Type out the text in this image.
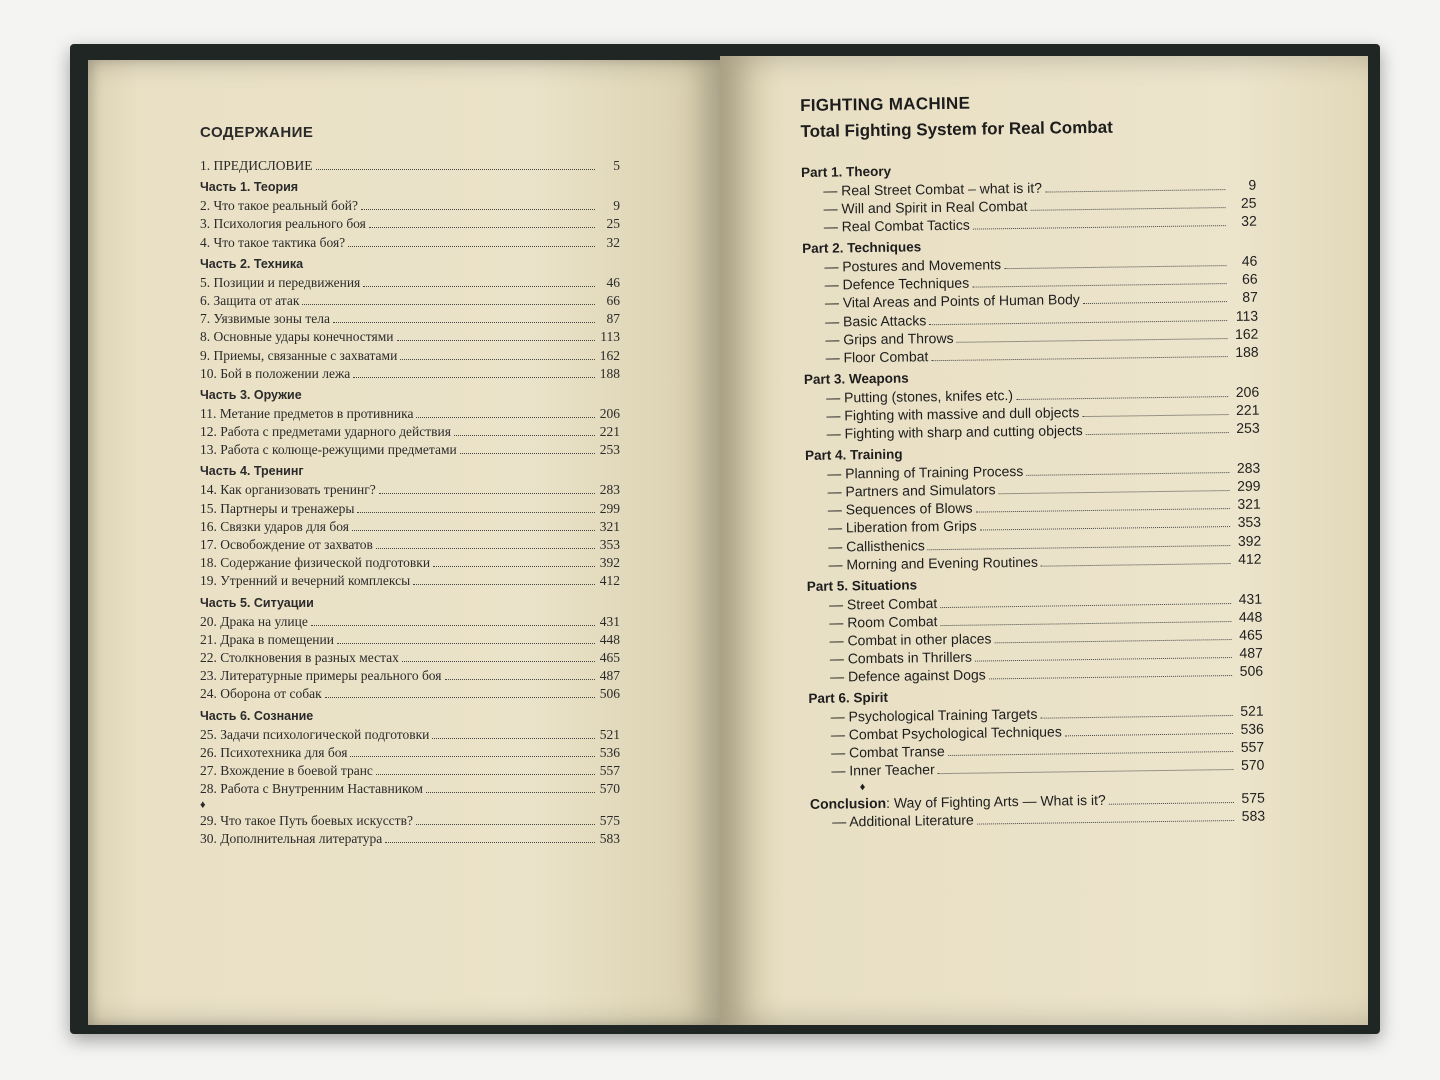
СОДЕРЖАНИЕ
1. ПРЕДИСЛОВИЕ	5
Часть 1. Теория
2. Что такое реальный бой?	9
3. Психология реального боя	25
4. Что такое тактика боя?	32
Часть 2. Техника
5. Позиции и передвижения	46
6. Защита от атак	66
7. Уязвимые зоны тела	87
8. Основные удары конечностями	113
9. Приемы, связанные с захватами	162
10. Бой в положении лежа	188
Часть 3. Оружие
11. Метание предметов в противника	206
12. Работа с предметами ударного действия	221
13. Работа с колюще-режущими предметами	253
Часть 4. Тренинг
14. Как организовать тренинг?	283
15. Партнеры и тренажеры	299
16. Связки ударов для боя	321
17. Освобождение от захватов	353
18. Содержание физической подготовки	392
19. Утренний и вечерний комплексы	412
Часть 5. Ситуации
20. Драка на улице	431
21. Драка в помещении	448
22. Столкновения в разных местах	465
23. Литературные примеры реального боя	487
24. Оборона от собак	506
Часть 6. Сознание
25. Задачи психологической подготовки	521
26. Психотехника для боя	536
27. Вхождение в боевой транс	557
28. Работа с Внутренним Наставником	570
♦
29. Что такое Путь боевых искусств?	575
30. Дополнительная литература	583
FIGHTING MACHINE
Total Fighting System for Real Combat
Part 1. Theory
— Real Street Combat – what is it?	9
— Will and Spirit in Real Combat	25
— Real Combat Tactics	32
Part 2. Techniques
— Postures and Movements	46
— Defence Techniques	66
— Vital Areas and Points of Human Body	87
— Basic Attacks	113
— Grips and Throws	162
— Floor Combat	188
Part 3. Weapons
— Putting (stones, knifes etc.)	206
— Fighting with massive and dull objects	221
— Fighting with sharp and cutting objects	253
Part 4. Training
— Planning of Training Process	283
— Partners and Simulators	299
— Sequences of Blows	321
— Liberation from Grips	353
— Callisthenics	392
— Morning and Evening Routines	412
Part 5. Situations
— Street Combat	431
— Room Combat	448
— Combat in other places	465
— Combats in Thrillers	487
— Defence against Dogs	506
Part 6. Spirit
— Psychological Training Targets	521
— Combat Psychological Techniques	536
— Combat Transe	557
— Inner Teacher	570
♦
Conclusion : Way of Fighting Arts — What is it?	575
— Additional Literature	583
